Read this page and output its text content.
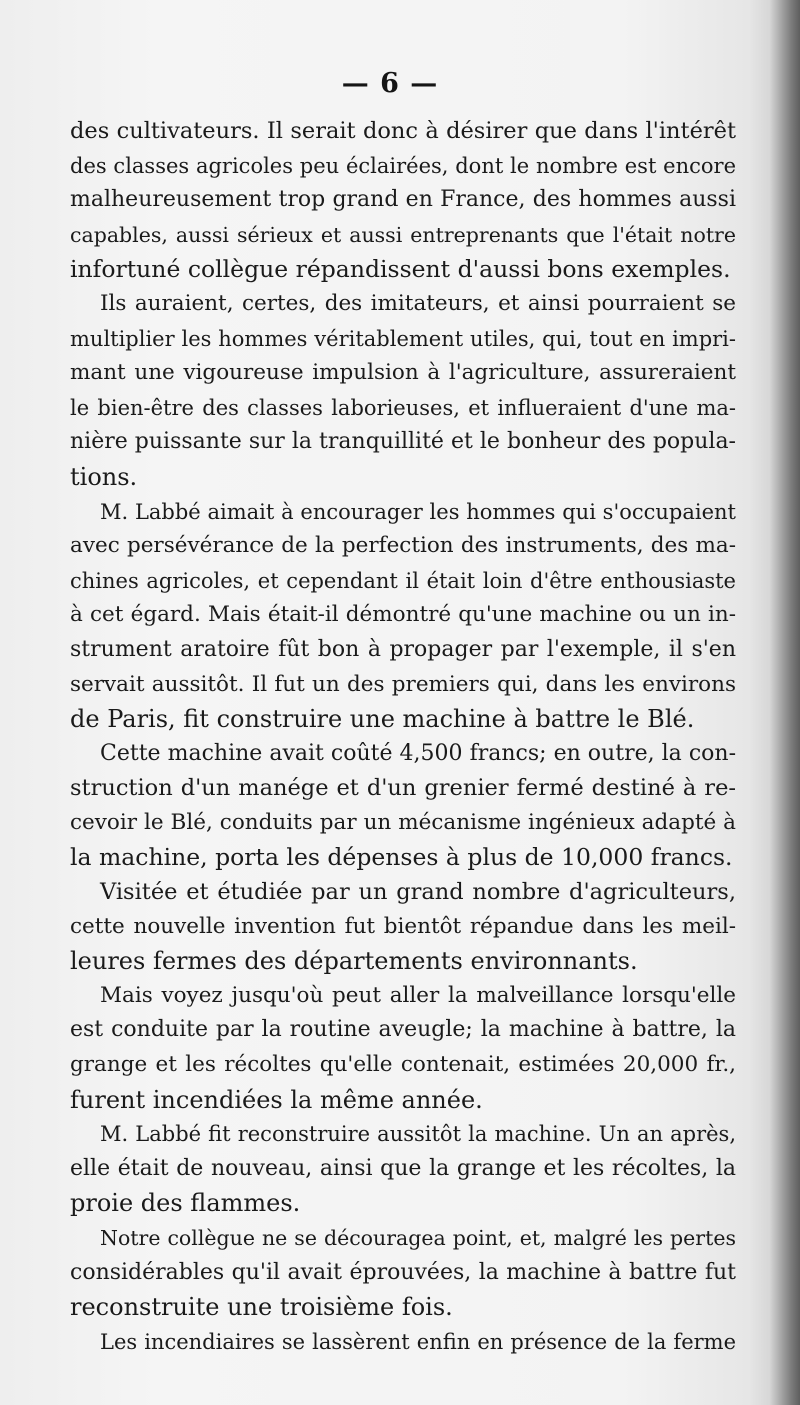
— 6 —
des cultivateurs. Il serait donc à désirer que dans l'intérêt
des classes agricoles peu éclairées, dont le nombre est encore
malheureusement trop grand en France, des hommes aussi
capables, aussi sérieux et aussi entreprenants que l'était notre
infortuné collègue répandissent d'aussi bons exemples.
Ils auraient, certes, des imitateurs, et ainsi pourraient se
multiplier les hommes véritablement utiles, qui, tout en impri-
mant une vigoureuse impulsion à l'agriculture, assureraient
le bien-être des classes laborieuses, et influeraient d'une ma-
nière puissante sur la tranquillité et le bonheur des popula-
tions.
M. Labbé aimait à encourager les hommes qui s'occupaient
avec persévérance de la perfection des instruments, des ma-
chines agricoles, et cependant il était loin d'être enthousiaste
à cet égard. Mais était-il démontré qu'une machine ou un in-
strument aratoire fût bon à propager par l'exemple, il s'en
servait aussitôt. Il fut un des premiers qui, dans les environs
de Paris, fit construire une machine à battre le Blé.
Cette machine avait coûté 4,500 francs; en outre, la con-
struction d'un manége et d'un grenier fermé destiné à re-
cevoir le Blé, conduits par un mécanisme ingénieux adapté à
la machine, porta les dépenses à plus de 10,000 francs.
Visitée et étudiée par un grand nombre d'agriculteurs,
cette nouvelle invention fut bientôt répandue dans les meil-
leures fermes des départements environnants.
Mais voyez jusqu'où peut aller la malveillance lorsqu'elle
est conduite par la routine aveugle; la machine à battre, la
grange et les récoltes qu'elle contenait, estimées 20,000 fr.,
furent incendiées la même année.
M. Labbé fit reconstruire aussitôt la machine. Un an après,
elle était de nouveau, ainsi que la grange et les récoltes, la
proie des flammes.
Notre collègue ne se découragea point, et, malgré les pertes
considérables qu'il avait éprouvées, la machine à battre fut
reconstruite une troisième fois.
Les incendiaires se lassèrent enfin en présence de la ferme
